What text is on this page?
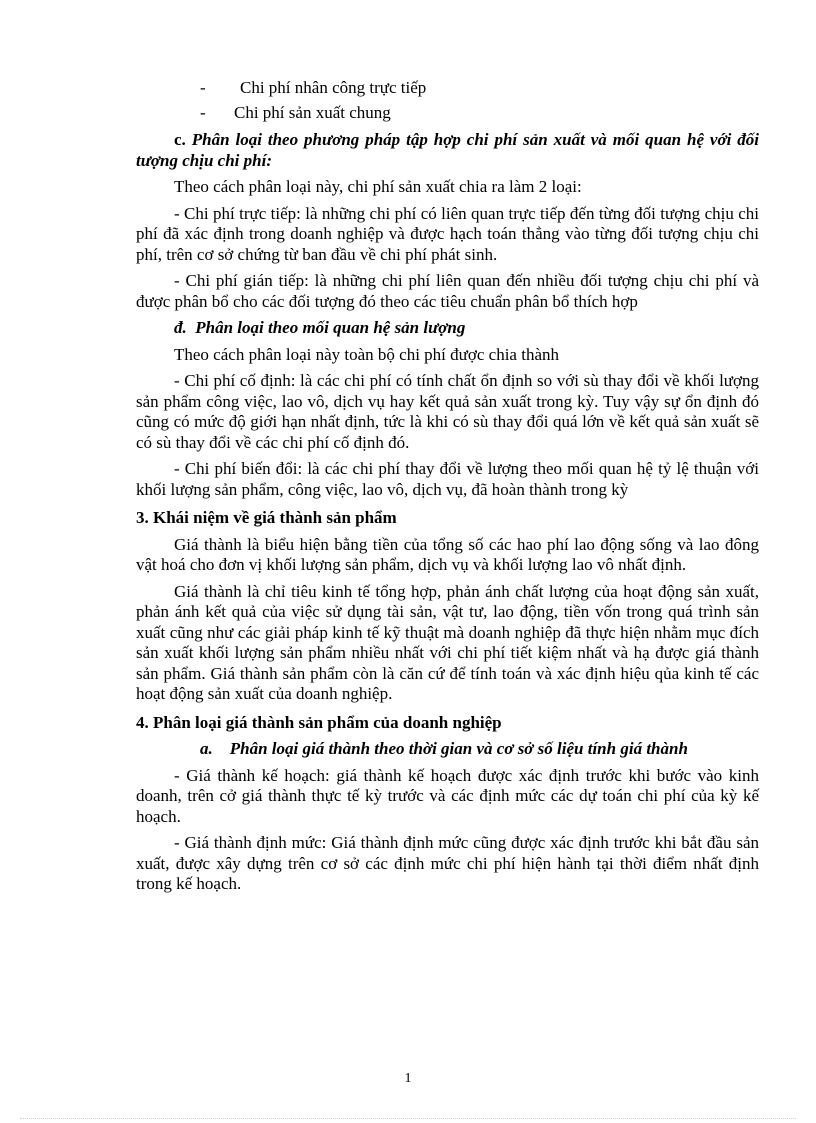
- Chi phí nhân công trực tiếp
- Chi phí sản xuất chung

c. Phân loại theo phương pháp tập hợp chi phí sản xuất và mối quan hệ với đối tượng chịu chi phí:

Theo cách phân loại này, chi phí sản xuất chia ra làm 2 loại:

- Chi phí trực tiếp: là những chi phí có liên quan trực tiếp đến từng đối tượng chịu chi phí đã xác định trong doanh nghiệp và được hạch toán thẳng vào từng đối tượng chịu chi phí, trên cơ sở chứng từ ban đầu về chi phí phát sinh.

- Chi phí gián tiếp: là những chi phí liên quan đến nhiều đối tượng chịu chi phí và được phân bổ cho các đối tượng đó theo các tiêu chuẩn phân bổ thích hợp

đ. Phân loại theo mối quan hệ sản lượng

Theo cách phân loại này toàn bộ chi phí được chia thành

- Chi phí cố định: là các chi phí có tính chất ổn định so với sù thay đổi về khối lượng sản phẩm công việc, lao vô, dịch vụ hay kết quả sản xuất trong kỳ. Tuy vậy sự ổn định đó cũng có mức độ giới hạn nhất định, tức là khi có sù thay đổi quá lớn về kết quả sản xuất sẽ có sù thay đổi về các chi phí cố định đó.

- Chi phí biến đổi: là các chi phí thay đổi về lượng theo mối quan hệ tỷ lệ thuận với khối lượng sản phẩm, công việc, lao vô, dịch vụ, đã hoàn thành trong kỳ

3. Khái niệm về giá thành sản phẩm

Giá thành là biểu hiện bằng tiền của tổng số các hao phí lao động sống và lao đông vật hoá cho đơn vị khối lượng sản phẩm, dịch vụ và khối lượng lao vô nhất định.

Giá thành là chỉ tiêu kinh tế tổng hợp, phản ánh chất lượng của hoạt động sản xuất, phản ánh kết quả của việc sử dụng tài sản, vật tư, lao động, tiền vốn trong quá trình sản xuất cũng như các giải pháp kinh tế kỹ thuật mà doanh nghiệp đã thực hiện nhằm mục đích sản xuất khối lượng sản phẩm nhiều nhất với chi phí tiết kiệm nhất và hạ được giá thành sản phẩm. Giá thành sản phẩm còn là căn cứ để tính toán và xác định hiệu qủa kinh tế các hoạt động sản xuất của doanh nghiệp.

4. Phân loại giá thành sản phẩm của doanh nghiệp

a. Phân loại giá thành theo thời gian và cơ sở số liệu tính giá thành

- Giá thành kế hoạch: giá thành kế hoạch được xác định trước khi bước vào kinh doanh, trên cở giá thành thực tế kỳ trước và các định mức các dự toán chi phí của kỳ kế hoạch.

- Giá thành định mức: Giá thành định mức cũng được xác định trước khi bắt đầu sản xuất, được xây dựng trên cơ sở các định mức chi phí hiện hành tại thời điểm nhất định trong kế hoạch.

1
